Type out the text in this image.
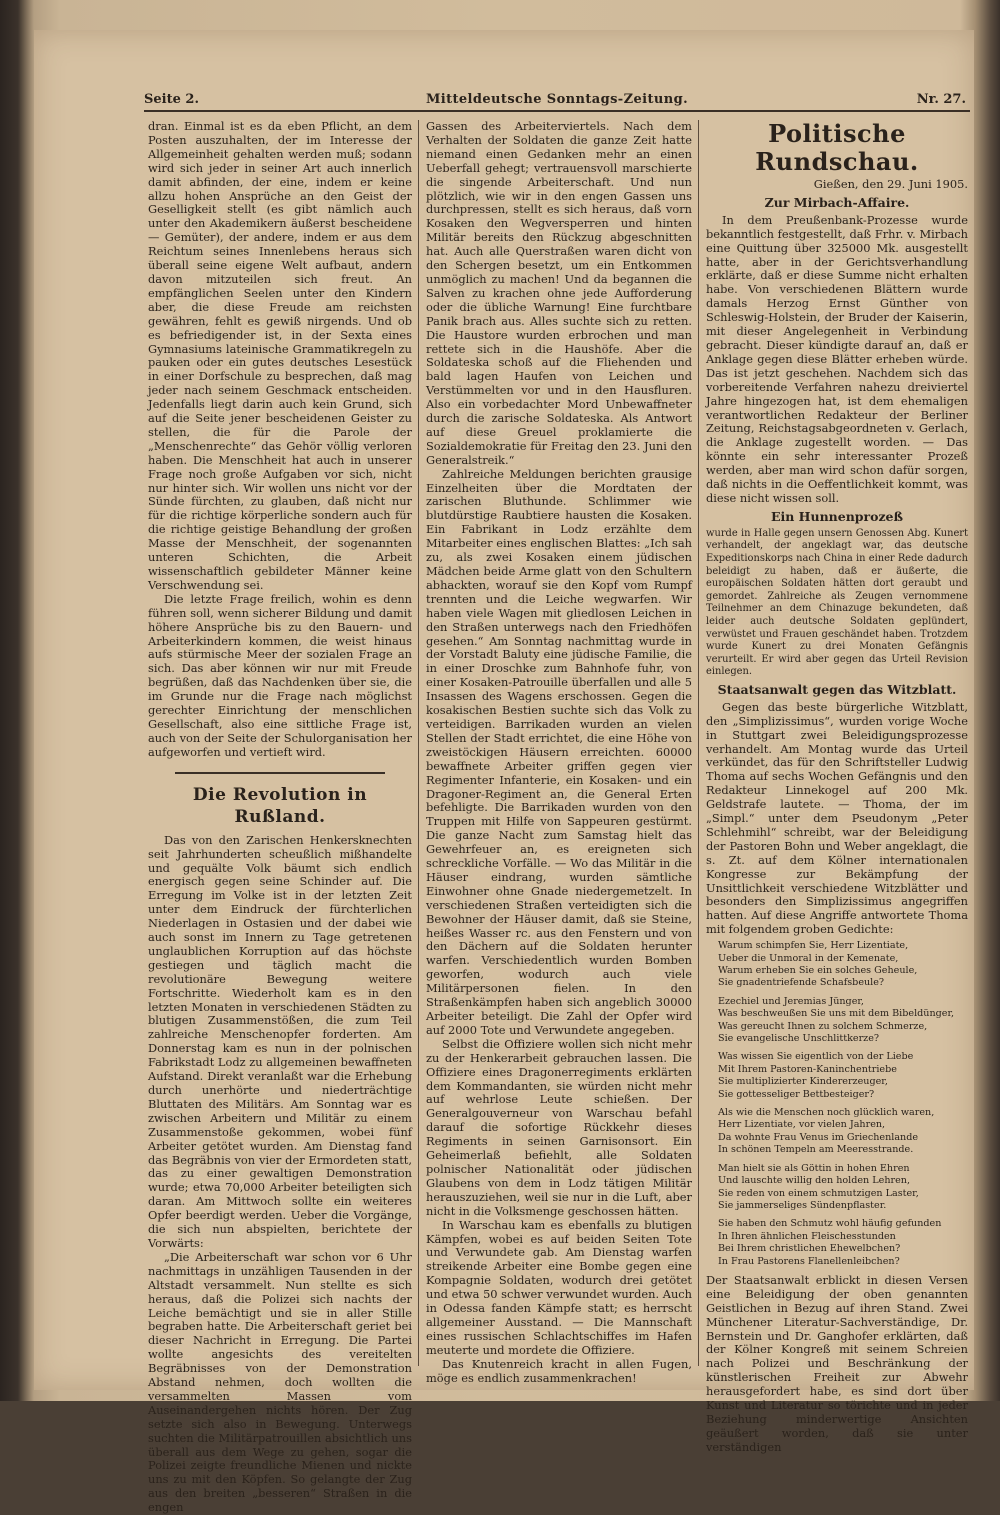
Seite 2.	Mitteldeutsche Sonntags-Zeitung.	Nr. 27.

dran. Einmal ist es da eben Pflicht, an dem Posten auszuhalten, der im Interesse der Allgemeinheit gehalten werden muß; sodann wird sich jeder in seiner Art auch innerlich damit abfinden, der eine, indem er keine allzu hohen Ansprüche an den Geist der Geselligkeit stellt (es gibt nämlich auch unter den Akademikern äußerst bescheidene — Gemüter), der andere, indem er aus dem Reichtum seines Innenlebens heraus sich überall seine eigene Welt aufbaut, andern davon mitzuteilen sich freut. An empfänglichen Seelen unter den Kindern aber, die diese Freude am reichsten gewähren, fehlt es gewiß nirgends. Und ob es befriedigender ist, in der Sexta eines Gymnasiums lateinische Grammatikregeln zu pauken oder ein gutes deutsches Lesestück in einer Dorfschule zu besprechen, daß mag jeder nach seinem Geschmack entscheiden. Jedenfalls liegt darin auch kein Grund, sich auf die Seite jener bescheidenen Geister zu stellen, die für die Parole der „Menschenrechte“ das Gehör völlig verloren haben. Die Menschheit hat auch in unserer Frage noch große Aufgaben vor sich, nicht nur hinter sich. Wir wollen uns nicht vor der Sünde fürchten, zu glauben, daß nicht nur für die richtige körperliche sondern auch für die richtige geistige Behandlung der großen Masse der Menschheit, der sogenannten unteren Schichten, die Arbeit wissenschaftlich gebildeter Männer keine Verschwendung sei.

Die letzte Frage freilich, wohin es denn führen soll, wenn sicherer Bildung und damit höhere Ansprüche bis zu den Bauern- und Arbeiterkindern kommen, die weist hinaus aufs stürmische Meer der sozialen Frage an sich. Das aber können wir nur mit Freude begrüßen, daß das Nachdenken über sie, die im Grunde nur die Frage nach möglichst gerechter Einrichtung der menschlichen Gesellschaft, also eine sittliche Frage ist, auch von der Seite der Schulorganisation her aufgeworfen und vertieft wird.

Die Revolution in Rußland.

Das von den Zarischen Henkersknechten seit Jahrhunderten scheußlich mißhandelte und gequälte Volk bäumt sich endlich energisch gegen seine Schinder auf. Die Erregung im Volke ist in der letzten Zeit unter dem Eindruck der fürchterlichen Niederlagen in Ostasien und der dabei wie auch sonst im Innern zu Tage getretenen unglaublichen Korruption auf das höchste gestiegen und täglich macht die revolutionäre Bewegung weitere Fortschritte. Wiederholt kam es in den letzten Monaten in verschiedenen Städten zu blutigen Zusammenstößen, die zum Teil zahlreiche Menschenopfer forderten. Am Donnerstag kam es nun in der polnischen Fabrikstadt Lodz zu allgemeinen bewaffneten Aufstand. Direkt veranlaßt war die Erhebung durch unerhörte und niederträchtige Bluttaten des Militärs. Am Sonntag war es zwischen Arbeitern und Militär zu einem Zusammenstoße gekommen, wobei fünf Arbeiter getötet wurden. Am Dienstag fand das Begräbnis von vier der Ermordeten statt, das zu einer gewaltigen Demonstration wurde; etwa 70,000 Arbeiter beteiligten sich daran. Am Mittwoch sollte ein weiteres Opfer beerdigt werden. Ueber die Vorgänge, die sich nun abspielten, berichtete der Vorwärts:

„Die Arbeiterschaft war schon vor 6 Uhr nachmittags in unzähligen Tausenden in der Altstadt versammelt. Nun stellte es sich heraus, daß die Polizei sich nachts der Leiche bemächtigt und sie in aller Stille begraben hatte. Die Arbeiterschaft geriet bei dieser Nachricht in Erregung. Die Partei wollte angesichts des vereitelten Begräbnisses von der Demonstration Abstand nehmen, doch wollten die versammelten Massen vom Auseinandergehen nichts hören. Der Zug setzte sich also in Bewegung. Unterwegs suchten die Militärpatrouillen absichtlich uns überall aus dem Wege zu gehen, sogar die Polizei zeigte freundliche Mienen und nickte uns zu mit den Köpfen. So gelangte der Zug aus den breiten „besseren“ Straßen in die engen

Gassen des Arbeiterviertels. Nach dem Verhalten der Soldaten die ganze Zeit hatte niemand einen Gedanken mehr an einen Ueberfall gehegt; vertrauensvoll marschierte die singende Arbeiterschaft. Und nun plötzlich, wie wir in den engen Gassen uns durchpressen, stellt es sich heraus, daß vorn Kosaken den Wegversperren und hinten Militär bereits den Rückzug abgeschnitten hat. Auch alle Querstraßen waren dicht von den Schergen besetzt, um ein Entkommen unmöglich zu machen! Und da begannen die Salven zu krachen ohne jede Aufforderung oder die übliche Warnung! Eine furchtbare Panik brach aus. Alles suchte sich zu retten. Die Haustore wurden erbrochen und man rettete sich in die Haushöfe. Aber die Soldateska schoß auf die Fliehenden und bald lagen Haufen von Leichen und Verstümmelten vor und in den Hausfluren. Also ein vorbedachter Mord Unbewaffneter durch die zarische Soldateska. Als Antwort auf diese Greuel proklamierte die Sozialdemokratie für Freitag den 23. Juni den Generalstreik.“

Zahlreiche Meldungen berichten grausige Einzelheiten über die Mordtaten der zarischen Bluthunde. Schlimmer wie blutdürstige Raubtiere hausten die Kosaken. Ein Fabrikant in Lodz erzählte dem Mitarbeiter eines englischen Blattes: „Ich sah zu, als zwei Kosaken einem jüdischen Mädchen beide Arme glatt von den Schultern abhackten, worauf sie den Kopf vom Rumpf trennten und die Leiche wegwarfen. Wir haben viele Wagen mit gliedlosen Leichen in den Straßen unterwegs nach den Friedhöfen gesehen.“ Am Sonntag nachmittag wurde in der Vorstadt Baluty eine jüdische Familie, die in einer Droschke zum Bahnhofe fuhr, von einer Kosaken-Patrouille überfallen und alle 5 Insassen des Wagens erschossen. Gegen die kosakischen Bestien suchte sich das Volk zu verteidigen. Barrikaden wurden an vielen Stellen der Stadt errichtet, die eine Höhe von zweistöckigen Häusern erreichten. 60000 bewaffnete Arbeiter griffen gegen vier Regimenter Infanterie, ein Kosaken- und ein Dragoner-Regiment an, die General Erten befehligte. Die Barrikaden wurden von den Truppen mit Hilfe von Sappeuren gestürmt. Die ganze Nacht zum Samstag hielt das Gewehrfeuer an, es ereigneten sich schreckliche Vorfälle. — Wo das Militär in die Häuser eindrang, wurden sämtliche Einwohner ohne Gnade niedergemetzelt. In verschiedenen Straßen verteidigten sich die Bewohner der Häuser damit, daß sie Steine, heißes Wasser rc. aus den Fenstern und von den Dächern auf die Soldaten herunter warfen. Verschiedentlich wurden Bomben geworfen, wodurch auch viele Militärpersonen fielen. In den Straßenkämpfen haben sich angeblich 30000 Arbeiter beteiligt. Die Zahl der Opfer wird auf 2000 Tote und Verwundete angegeben.

Selbst die Offiziere wollen sich nicht mehr zu der Henkerarbeit gebrauchen lassen. Die Offiziere eines Dragonerregiments erklärten dem Kommandanten, sie würden nicht mehr auf wehrlose Leute schießen. Der Generalgouverneur von Warschau befahl darauf die sofortige Rückkehr dieses Regiments in seinen Garnisonsort. Ein Geheimerlaß befiehlt, alle Soldaten polnischer Nationalität oder jüdischen Glaubens von dem in Lodz tätigen Militär herauszuziehen, weil sie nur in die Luft, aber nicht in die Volksmenge geschossen hätten.

In Warschau kam es ebenfalls zu blutigen Kämpfen, wobei es auf beiden Seiten Tote und Verwundete gab. Am Dienstag warfen streikende Arbeiter eine Bombe gegen eine Kompagnie Soldaten, wodurch drei getötet und etwa 50 schwer verwundet wurden. Auch in Odessa fanden Kämpfe statt; es herrscht allgemeiner Ausstand. — Die Mannschaft eines russischen Schlachtschiffes im Hafen meuterte und mordete die Offiziere.

Das Knutenreich kracht in allen Fugen, möge es endlich zusammenkrachen!

Politische Rundschau.
Gießen, den 29. Juni 1905.
Zur Mirbach-Affaire.

In dem Preußenbank-Prozesse wurde bekanntlich festgestellt, daß Frhr. v. Mirbach eine Quittung über 325000 Mk. ausgestellt hatte, aber in der Gerichtsverhandlung erklärte, daß er diese Summe nicht erhalten habe. Von verschiedenen Blättern wurde damals Herzog Ernst Günther von Schleswig-Holstein, der Bruder der Kaiserin, mit dieser Angelegenheit in Verbindung gebracht. Dieser kündigte darauf an, daß er Anklage gegen diese Blätter erheben würde. Das ist jetzt geschehen. Nachdem sich das vorbereitende Verfahren nahezu dreiviertel Jahre hingezogen hat, ist dem ehemaligen verantwortlichen Redakteur der Berliner Zeitung, Reichstagsabgeordneten v. Gerlach, die Anklage zugestellt worden. — Das könnte ein sehr interessanter Prozeß werden, aber man wird schon dafür sorgen, daß nichts in die Oeffentlichkeit kommt, was diese nicht wissen soll.

Ein Hunnenprozeß

wurde in Halle gegen unsern Genossen Abg. Kunert verhandelt, der angeklagt war, das deutsche Expeditionskorps nach China in einer Rede dadurch beleidigt zu haben, daß er äußerte, die europäischen Soldaten hätten dort geraubt und gemordet. Zahlreiche als Zeugen vernommene Teilnehmer an dem Chinazuge bekundeten, daß leider auch deutsche Soldaten geplündert, verwüstet und Frauen geschändet haben. Trotzdem wurde Kunert zu drei Monaten Gefängnis verurteilt. Er wird aber gegen das Urteil Revision einlegen.

Staatsanwalt gegen das Witzblatt.

Gegen das beste bürgerliche Witzblatt, den „Simplizissimus“, wurden vorige Woche in Stuttgart zwei Beleidigungsprozesse verhandelt. Am Montag wurde das Urteil verkündet, das für den Schriftsteller Ludwig Thoma auf sechs Wochen Gefängnis und den Redakteur Linnekogel auf 200 Mk. Geldstrafe lautete. — Thoma, der im „Simpl.“ unter dem Pseudonym „Peter Schlehmihl“ schreibt, war der Beleidigung der Pastoren Bohn und Weber angeklagt, die s. Zt. auf dem Kölner internationalen Kongresse zur Bekämpfung der Unsittlichkeit verschiedene Witzblätter und besonders den Simplizissimus angegriffen hatten. Auf diese Angriffe antwortete Thoma mit folgendem groben Gedichte:

Warum schimpfen Sie, Herr Lizentiate,
Ueber die Unmoral in der Kemenate,
Warum erheben Sie ein solches Geheule,
Sie gnadentriefende Schafsbeule?
Ezechiel und Jeremias Jünger,
Was beschweußen Sie uns mit dem Bibeldünger,
Was gereucht Ihnen zu solchem Schmerze,
Sie evangelische Unschlittkerze?
Was wissen Sie eigentlich von der Liebe
Mit Ihrem Pastoren-Kaninchentriebe
Sie multiplizierter Kindererzeuger,
Sie gottesseliger Bettbesteiger?
Als wie die Menschen noch glücklich waren,
Herr Lizentiate, vor vielen Jahren,
Da wohnte Frau Venus im Griechenlande
In schönen Tempeln am Meeresstrande.
Man hielt sie als Göttin in hohen Ehren
Und lauschte willig den holden Lehren,
Sie reden von einem schmutzigen Laster,
Sie jammerseliges Sündenpflaster.
Sie haben den Schmutz wohl häufig gefunden
In Ihren ähnlichen Fleischesstunden
Bei Ihrem christlichen Ehewelbchen?
In Frau Pastorens Flanellenleibchen?

Der Staatsanwalt erblickt in diesen Versen eine Beleidigung der oben genannten Geistlichen in Bezug auf ihren Stand. Zwei Münchener Literatur-Sachverständige, Dr. Bernstein und Dr. Ganghofer erklärten, daß der Kölner Kongreß mit seinem Schreien nach Polizei und Beschränkung der künstlerischen Freiheit zur Abwehr herausgefordert habe, es sind dort über Kunst und Literatur so törichte und in jeder Beziehung minderwertige Ansichten geäußert worden, daß sie unter verständigen
